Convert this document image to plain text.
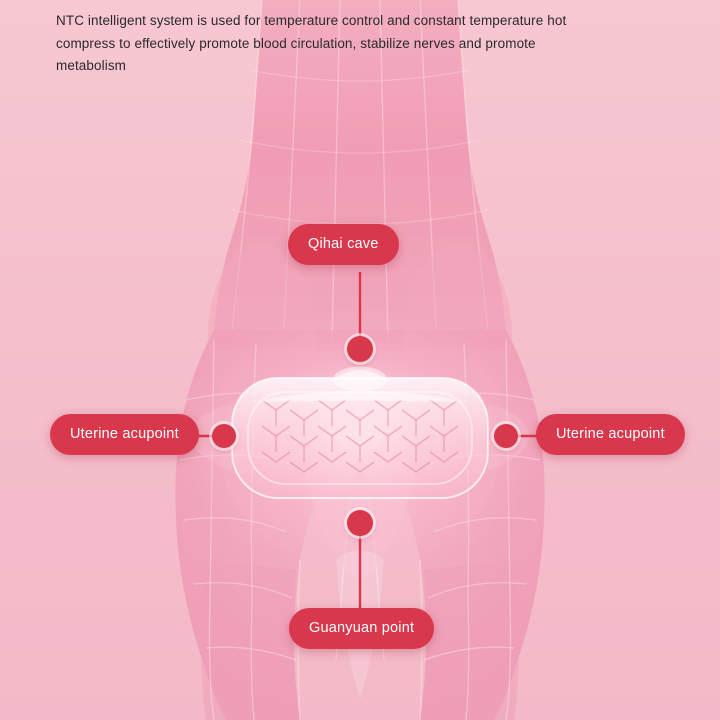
NTC intelligent system is used for temperature control and constant temperature hot compress to effectively promote blood circulation, stabilize nerves and promote metabolism
Qihai cave
Uterine acupoint	Uterine acupoint
Guanyuan point
